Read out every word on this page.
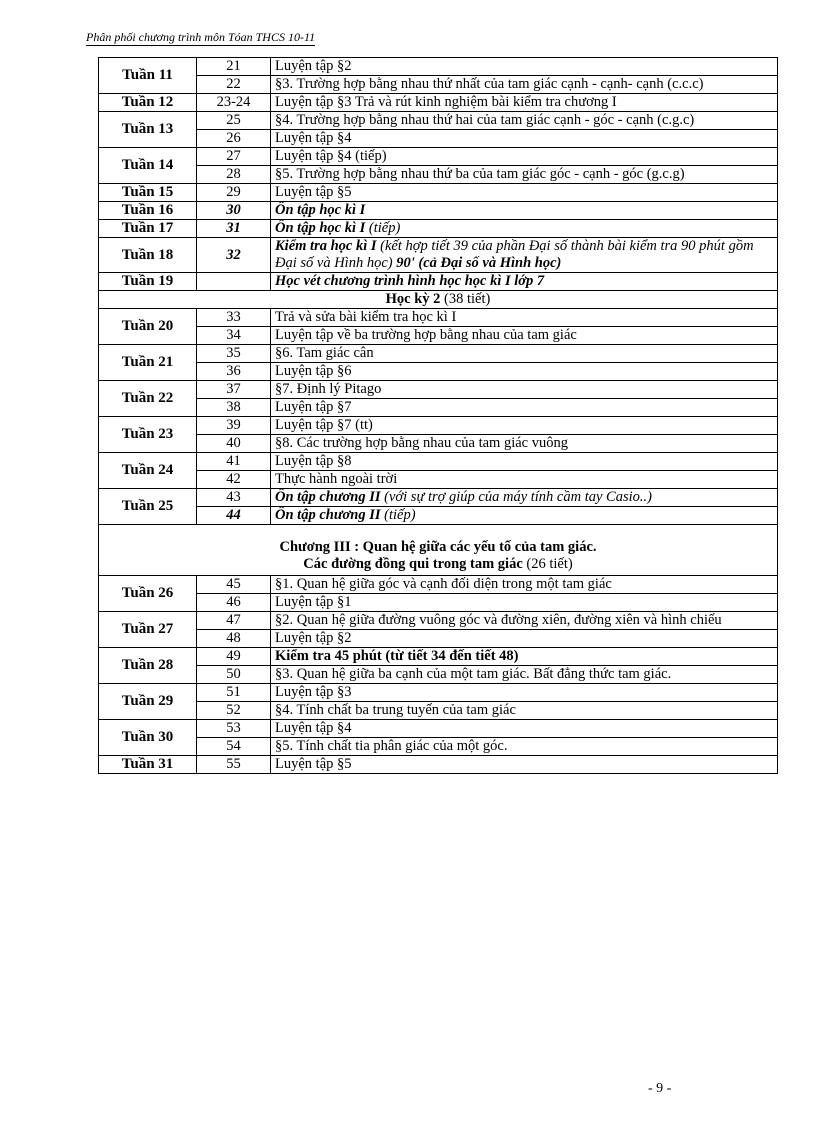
Phân phối chương trình môn Tóan THCS 10-11
Tuần 11	21	Luyện tập §2
	22	§3. Trường hợp bằng nhau thứ nhất của tam giác cạnh - cạnh- cạnh (c.c.c)
Tuần 12	23-24	Luyện tập §3 Trả và rút kinh nghiệm bài kiểm tra chương I
Tuần 13	25	§4. Trường hợp bằng nhau thứ hai của tam giác cạnh - góc - cạnh (c.g.c)
	26	Luyện tập §4
Tuần 14	27	Luyện tập §4 (tiếp)
	28	§5. Trường hợp bằng nhau thứ ba của tam giác góc - cạnh - góc (g.c.g)
Tuần 15	29	Luyện tập §5
Tuần 16	30	Ôn tập học kì I
Tuần 17	31	Ôn tập học kì I (tiếp)
Tuần 18	32	Kiểm tra học kì I (kết hợp tiết 39 của phần Đại số thành bài kiểm tra 90 phút gồm Đại số và Hình học) 90' (cả Đại số và Hình học)
Tuần 19		Học vét chương trình hình học học kì I lớp 7
Học kỳ 2 (38 tiết)		
Tuần 20	33	Trả và sửa bài kiểm tra học kì I
	34	Luyện tập về ba trường hợp bằng nhau của tam giác
Tuần 21	35	§6. Tam giác cân
	36	Luyện tập §6
Tuần 22	37	§7. Định lý Pitago
	38	Luyện tập §7
Tuần 23	39	Luyện tập §7 (tt)
	40	§8. Các trường hợp bằng nhau của tam giác vuông
Tuần 24	41	Luyện tập §8
	42	Thực hành ngoài trời
Tuần 25	43	Ôn tập chương II (với sự trợ giúp của máy tính cầm tay Casio..)
	44	Ôn tập chương II (tiếp)

Chương III : Quan hệ giữa các yếu tố của tam giác.
Các đường đồng qui trong tam giác (26 tiết)		

Tuần 26	45	§1. Quan hệ giữa góc và cạnh đối diện trong một tam giác
	46	Luyện tập §1
Tuần 27	47	§2. Quan hệ giữa đường vuông góc và đường xiên, đường xiên và hình chiếu
	48	Luyện tập §2
Tuần 28	49	Kiểm tra 45 phút (từ tiết 34 đến tiết 48)
	50	§3. Quan hệ giữa ba cạnh của một tam giác. Bất đẳng thức tam giác.
Tuần 29	51	Luyện tập §3
	52	§4. Tính chất ba trung tuyến của tam giác
Tuần 30	53	Luyện tập §4
	54	§5. Tính chất tia phân giác của một góc.
Tuần 31	55	Luyện tập §5
- 9 -
